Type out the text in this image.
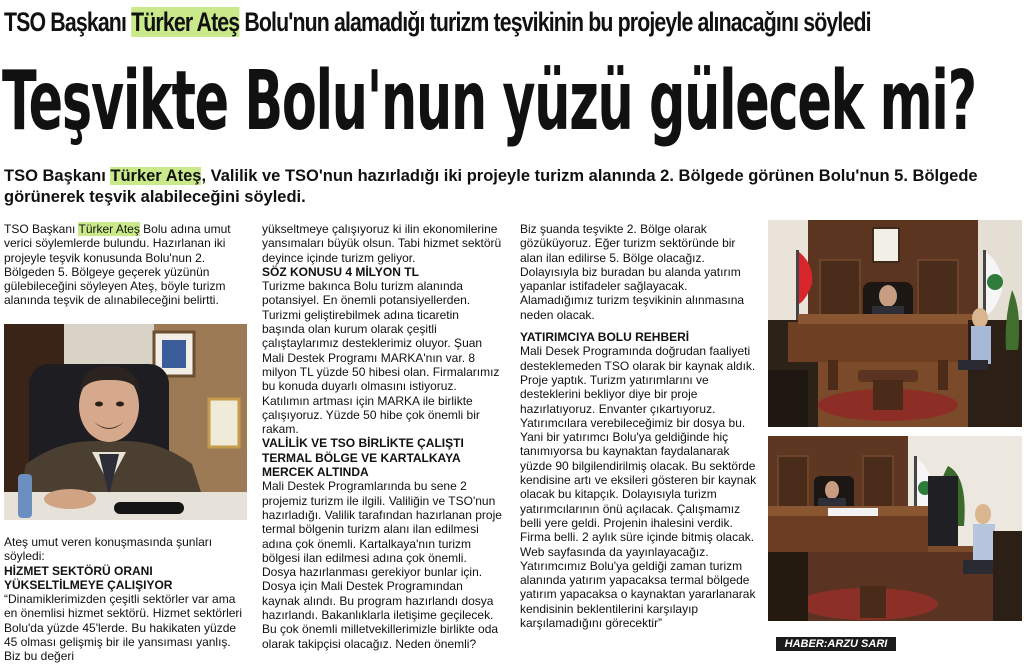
TSO Başkanı Türker Ateş Bolu'nun alamadığı turizm teşvikinin bu projeyle alınacağını söyledi
Teşvikte Bolu'nun yüzü gülecek mi?
TSO Başkanı Türker Ateş, Valilik ve TSO'nun hazırladığı iki projeyle turizm alanında 2. Bölgede görünen Bolu'nun 5. Bölgede görünerek teşvik alabileceğini söyledi.

TSO Başkanı Türker Ateş Bolu adına umut verici söylemlerde bulundu. Hazırlanan iki projeyle teşvik konusunda Bolu'nun 2. Bölgeden 5. Bölgeye geçerek yüzünün gülebileceğini söyleyen Ateş, böyle turizm alanında teşvik de alınabileceğini belirtti.

Ateş umut veren konuşmasında şunları söyledi:

HİZMET SEKTÖRÜ ORANI YÜKSELTİLMEYE ÇALIŞIYOR

“Dinamiklerimizden çeşitli sektörler var ama en önemlisi hizmet sektörü. Hizmet sektörleri Bolu'da yüzde 45'lerde. Bu hakikaten yüzde 45 olması gelişmiş bir ile yansıması yanlış. Biz bu değeri

yükseltmeye çalışıyoruz ki ilin ekonomilerine yansımaları büyük olsun. Tabi hizmet sektörü deyince içinde turizm geliyor.

SÖZ KONUSU 4 MİLYON TL

Turizme bakınca Bolu turizm alanında potansiyel. En önemli potansiyellerden. Turizmi geliştirebilmek adına ticaretin başında olan kurum olarak çeşitli çalıştaylarımız desteklerimiz oluyor. Şuan Mali Destek Programı MARKA'nın var. 8 milyon TL yüzde 50 hibesi olan. Firmalarımız bu konuda duyarlı olmasını istiyoruz. Katılımın artması için MARKA ile birlikte çalışıyoruz. Yüzde 50 hibe çok önemli bir rakam.

VALİLİK VE TSO BİRLİKTE ÇALIŞTI TERMAL BÖLGE VE KARTALKAYA MERCEK ALTINDA

Mali Destek Programlarında bu sene 2 projemiz turizm ile ilgili. Valiliğin ve TSO'nun hazırladığı. Valilik tarafından hazırlanan proje termal bölgenin turizm alanı ilan edilmesi adına çok önemli. Kartalkaya'nın turizm bölgesi ilan edilmesi adına çok önemli. Dosya hazırlanması gerekiyor bunlar için. Dosya için Mali Destek Programından kaynak alındı. Bu program hazırlandı dosya hazırlandı. Bakanlıklarla iletişime geçilecek. Bu çok önemli milletvekillerimizle birlikte oda olarak takipçisi olacağız. Neden önemli?

Biz şuanda teşvikte 2. Bölge olarak gözüküyoruz. Eğer turizm sektöründe bir alan ilan edilirse 5. Bölge olacağız. Dolayısıyla biz buradan bu alanda yatırım yapanlar istifadeler sağlayacak. Alamadığımız turizm teşvikinin alınmasına neden olacak.

YATIRIMCIYA BOLU REHBERİ

Mali Desek Programında doğrudan faaliyeti desteklemeden TSO olarak bir kaynak aldık. Proje yaptık. Turizm yatırımlarını ve desteklerini bekliyor diye bir proje hazırlatıyoruz. Envanter çıkartıyoruz. Yatırımcılara verebileceğimiz bir dosya bu. Yani bir yatırımcı Bolu'ya geldiğinde hiç tanımıyorsa bu kaynaktan faydalanarak yüzde 90 bilgilendirilmiş olacak. Bu sektörde kendisine artı ve eksileri gösteren bir kaynak olacak bu kitapçık. Dolayısıyla turizm yatırımcılarının önü açılacak. Çalışmamız belli yere geldi. Projenin ihalesini verdik. Firma belli. 2 aylık süre içinde bitmiş olacak. Web sayfasında da yayınlayacağız. Yatırımcımız Bolu'ya geldiği zaman turizm alanında yatırım yapacaksa termal bölgede yatırım yapacaksa o kaynaktan yararlanarak kendisinin beklentilerini karşılayıp karşılamadığını görecektir”

HABER:ARZU SARI
